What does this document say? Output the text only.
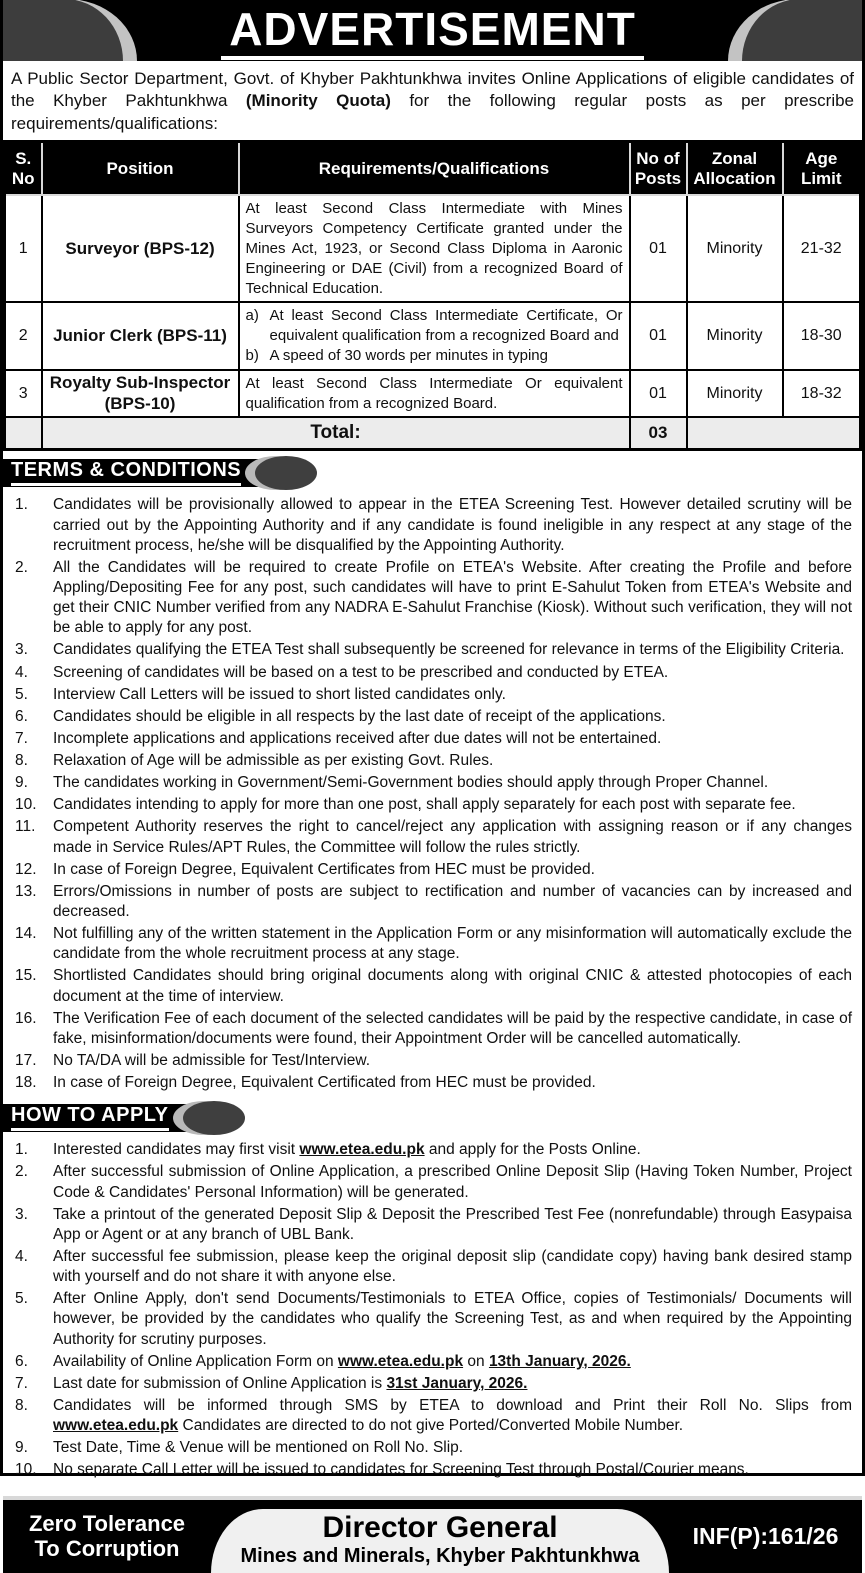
ADVERTISEMENT

A Public Sector Department, Govt. of Khyber Pakhtunkhwa invites Online Applications of eligible candidates of the Khyber Pakhtunkhwa (Minority Quota) for the following regular posts as per prescribe requirements/qualifications:

S. No	Position	Requirements/Qualifications	No of Posts	Zonal Allocation	Age Limit
1	Surveyor (BPS-12)	At least Second Class Intermediate with Mines Surveyors Competency Certificate granted under the Mines Act, 1923, or Second Class Diploma in Aaronic Engineering or DAE (Civil) from a recognized Board of Technical Education.	01	Minority	21-32
2	Junior Clerk (BPS-11)	a) At least Second Class Intermediate Certificate, Or equivalent qualification from a recognized Board and
b) A speed of 30 words per minutes in typing	01	Minority	18-30
3	Royalty Sub-Inspector (BPS-10)	At least Second Class Intermediate Or equivalent qualification from a recognized Board.	01	Minority	18-32
	Total:		03		
TERMS & CONDITIONS
1.	Candidates will be provisionally allowed to appear in the ETEA Screening Test. However detailed scrutiny will be carried out by the Appointing Authority and if any candidate is found ineligible in any respect at any stage of the recruitment process, he/she will be disqualified by the Appointing Authority.
2.	All the Candidates will be required to create Profile on ETEA's Website. After creating the Profile and before Appling/Depositing Fee for any post, such candidates will have to print E-Sahulut Token from ETEA's Website and get their CNIC Number verified from any NADRA E-Sahulut Franchise (Kiosk). Without such verification, they will not be able to apply for any post.
3.	Candidates qualifying the ETEA Test shall subsequently be screened for relevance in terms of the Eligibility Criteria.
4.	Screening of candidates will be based on a test to be prescribed and conducted by ETEA.
5.	Interview Call Letters will be issued to short listed candidates only.
6.	Candidates should be eligible in all respects by the last date of receipt of the applications.
7.	Incomplete applications and applications received after due dates will not be entertained.
8.	Relaxation of Age will be admissible as per existing Govt. Rules.
9.	The candidates working in Government/Semi-Government bodies should apply through Proper Channel.
10.	Candidates intending to apply for more than one post, shall apply separately for each post with separate fee.
11.	Competent Authority reserves the right to cancel/reject any application with assigning reason or if any changes made in Service Rules/APT Rules, the Committee will follow the rules strictly.
12.	In case of Foreign Degree, Equivalent Certificates from HEC must be provided.
13.	Errors/Omissions in number of posts are subject to rectification and number of vacancies can by increased and decreased.
14.	Not fulfilling any of the written statement in the Application Form or any misinformation will automatically exclude the candidate from the whole recruitment process at any stage.
15.	Shortlisted Candidates should bring original documents along with original CNIC & attested photocopies of each document at the time of interview.
16.	The Verification Fee of each document of the selected candidates will be paid by the respective candidate, in case of fake, misinformation/documents were found, their Appointment Order will be cancelled automatically.
17.	No TA/DA will be admissible for Test/Interview.
18.	In case of Foreign Degree, Equivalent Certificated from HEC must be provided.
HOW TO APPLY
1.	Interested candidates may first visit www.etea.edu.pk and apply for the Posts Online.
2.	After successful submission of Online Application, a prescribed Online Deposit Slip (Having Token Number, Project Code & Candidates' Personal Information) will be generated.
3.	Take a printout of the generated Deposit Slip & Deposit the Prescribed Test Fee (nonrefundable) through Easypaisa App or Agent or at any branch of UBL Bank.
4.	After successful fee submission, please keep the original deposit slip (candidate copy) having bank desired stamp with yourself and do not share it with anyone else.
5.	After Online Apply, don't send Documents/Testimonials to ETEA Office, copies of Testimonials/ Documents will however, be provided by the candidates who qualify the Screening Test, as and when required by the Appointing Authority for scrutiny purposes.
6.	Availability of Online Application Form on www.etea.edu.pk on 13th January, 2026.
7.	Last date for submission of Online Application is 31st January, 2026.
8.	Candidates will be informed through SMS by ETEA to download and Print their Roll No. Slips from www.etea.edu.pk Candidates are directed to do not give Ported/Converted Mobile Number.
9.	Test Date, Time & Venue will be mentioned on Roll No. Slip.
10.	No separate Call Letter will be issued to candidates for Screening Test through Postal/Courier means.
Zero Tolerance
To Corruption
Director General
Mines and Minerals, Khyber Pakhtunkhwa
INF(P):161/26
